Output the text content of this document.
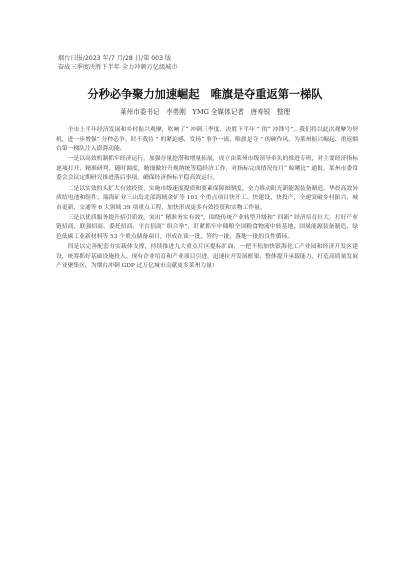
烟台日报/2023 年/7 月/28 日/第 003 版
奋战三季度决胜下半年 全力冲刺万亿级城市
分秒必争聚力加速崛起　唯旗是夺重返第一梯队
莱州市委书记　李勇刚　YMG 全媒体记者　唐寿锐　整理

全市上半年经济发展和乡村振兴观摩，吹响了“ 冲刺三季度、决胜下半年 ” 的“ 冲锋号”。我们将以此次观摩为契机，进一步增强“ 分秒必争、时不我待 ” 的紧迫感，发扬“ 事争一流、唯旗是夺 ” 的硬作风，为莱州振兴崛起、重返烟台第一梯队注入澎湃动能。

一是以高效机制抓牢经济运行，加强存量挖潜和增量拓展，成立由莱州市级领导牵头的推进专班，对主要经济指标逐项打开、精准研判、随时调度，精细做好升规纳统等稳经济工作，对指标完成情况每月“ 晾晒比” 通报，莱州市委常委会会议定期研究推进落后事项，确保经济指标平稳高效运行。

二是以实效的头扩大有效投资，实施市级速度提质和要素保障图制度，全力推动阳光新能源装备制造、华晨高效异质结电池和组件、瑞海矿业三山岛北部海域金矿等 101 个重点项目快开工、快建设、快投产，全速突破乡村振兴、城市更新、交通等 6 大领域 39 项重点工程，加快形成更多有效投资和实物工作量。

三是以优质服务提升招引质效，突出“ 精准务实有效”，围绕传统产业转型升级和“ 四新” 经济培育壮大，打好产业链招商、联强招商、委托招商、平台招商“ 组合拳”，盯紧抓牢中储粮全国粮食物流中转基地、国晟能源装备制造、绿色低碳工业新材料等 53 个重点储备项目，形成在谈一批、签约一批、落地一批的良性循环。

四是以完善配套夯实载体支撑，持续推进九大重点片区提标扩面，一把不松加快银海化工产业园和经济开发区建设，统筹抓好基础设施投入、现有企业培育和产业项目引进，迅速拉开发展框架、整体提升承载能力，打造高质量发展产业聚集区，为烟台冲刺 GDP 过万亿城市贡献更多莱州力量!
